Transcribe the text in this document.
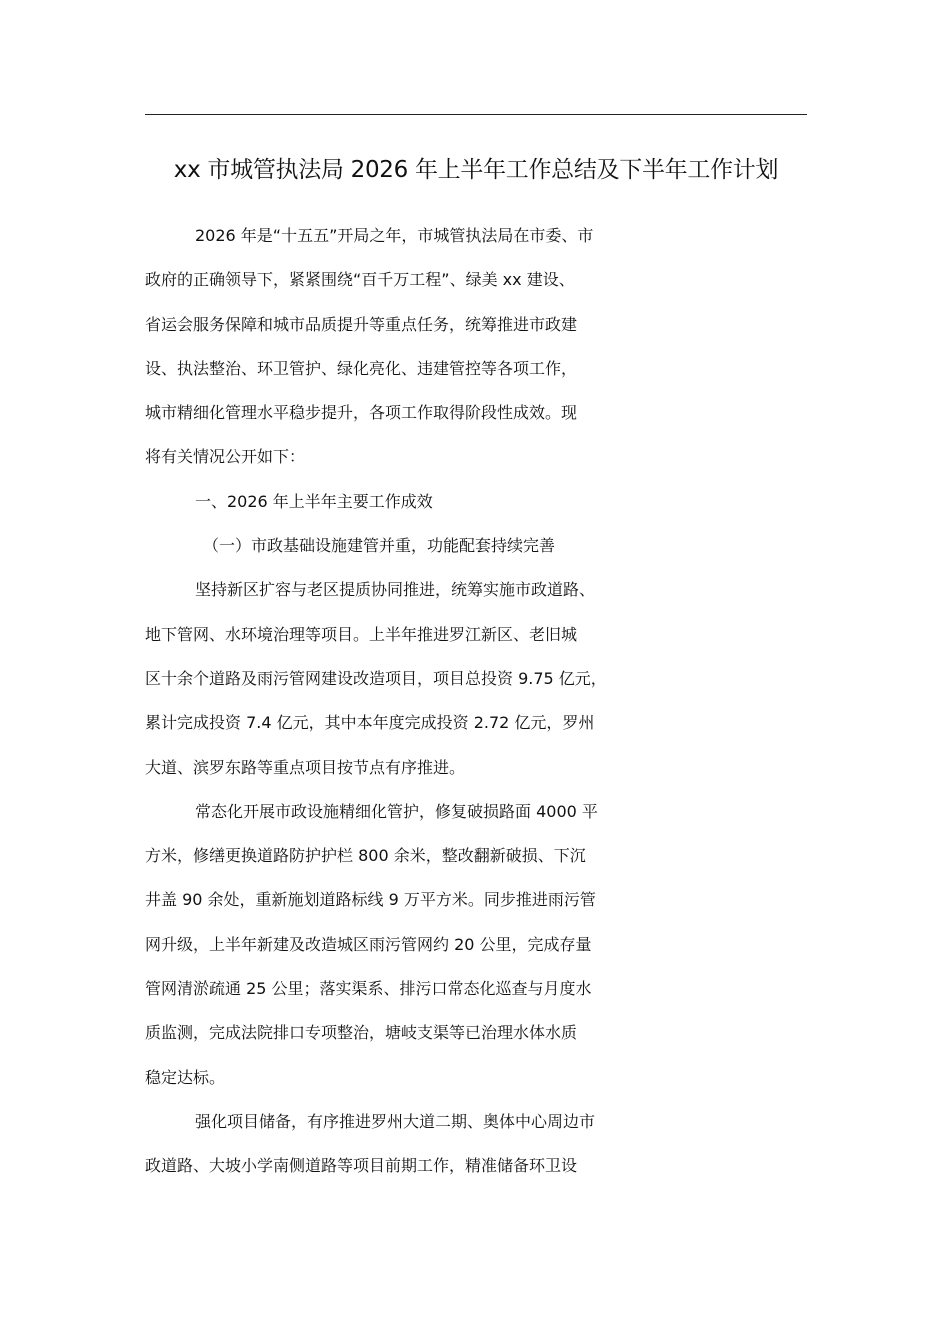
xx 市城管执法局 2026 年上半年工作总结及下半年工作计划
2026 年是“十五五”开局之年，市城管执法局在市委、市
政府的正确领导下，紧紧围绕“百千万工程”、绿美 xx 建设、
省运会服务保障和城市品质提升等重点任务，统筹推进市政建
设、执法整治、环卫管护、绿化亮化、违建管控等各项工作，
城市精细化管理水平稳步提升，各项工作取得阶段性成效。现
将有关情况公开如下：
一、2026 年上半年主要工作成效
（一）市政基础设施建管并重，功能配套持续完善
坚持新区扩容与老区提质协同推进，统筹实施市政道路、
地下管网、水环境治理等项目。上半年推进罗江新区、老旧城
区十余个道路及雨污管网建设改造项目，项目总投资 9.75 亿元，
累计完成投资 7.4 亿元，其中本年度完成投资 2.72 亿元，罗州
大道、滨罗东路等重点项目按节点有序推进。
常态化开展市政设施精细化管护，修复破损路面 4000 平
方米，修缮更换道路防护护栏 800 余米，整改翻新破损、下沉
井盖 90 余处，重新施划道路标线 9 万平方米。同步推进雨污管
网升级，上半年新建及改造城区雨污管网约 20 公里，完成存量
管网清淤疏通 25 公里；落实渠系、排污口常态化巡查与月度水
质监测，完成法院排口专项整治，塘岐支渠等已治理水体水质
稳定达标。
强化项目储备，有序推进罗州大道二期、奥体中心周边市
政道路、大坡小学南侧道路等项目前期工作，精准储备环卫设
